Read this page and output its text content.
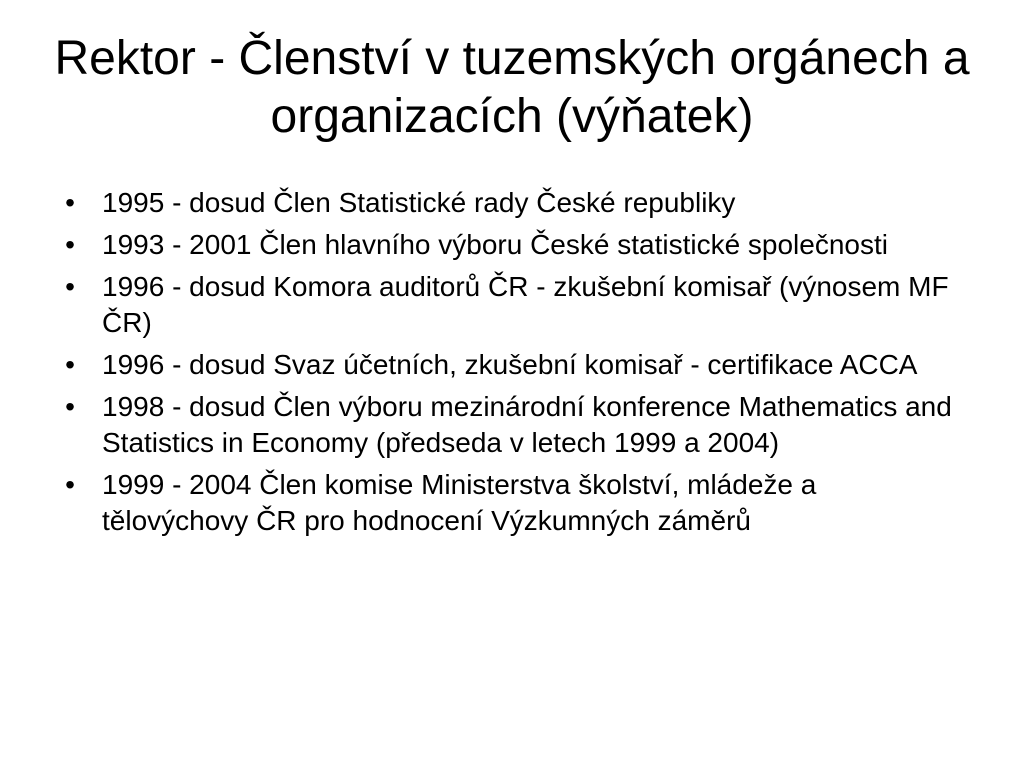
Rektor - Členství v tuzemských orgánech a organizacích (výňatek)
• 1995 - dosud Člen Statistické rady České republiky
• 1993 - 2001 Člen hlavního výboru České statistické společnosti
• 1996 - dosud Komora auditorů ČR - zkušební komisař (výnosem MF ČR)
• 1996 - dosud Svaz účetních, zkušební komisař - certifikace ACCA
• 1998 - dosud Člen výboru mezinárodní konference Mathematics and Statistics in Economy (předseda v letech 1999 a 2004)
• 1999 - 2004 Člen komise Ministerstva školství, mládeže a tělovýchovy ČR pro hodnocení Výzkumných záměrů
